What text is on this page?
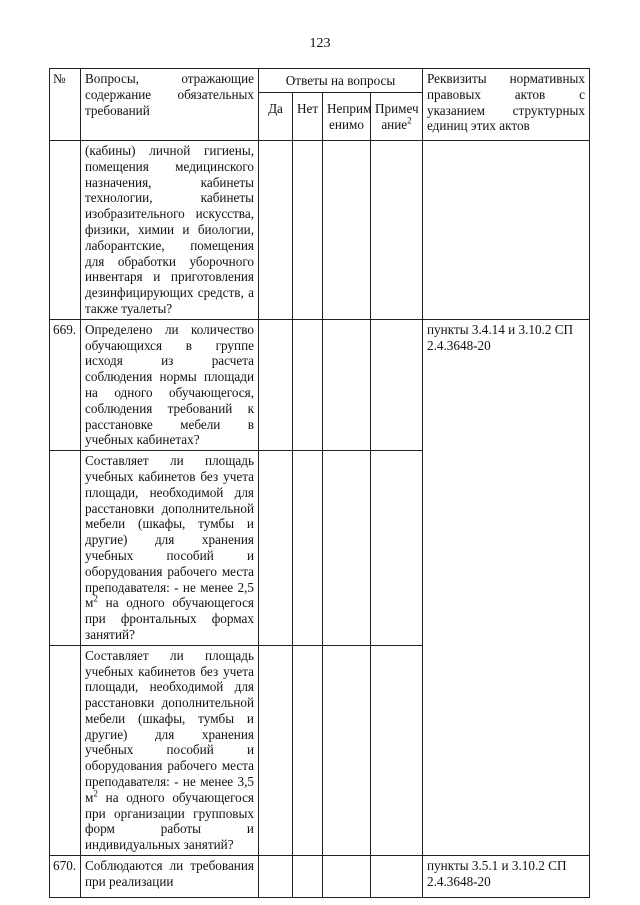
123
№	Вопросы, отражающие содержание обязательных требований	Ответы на вопросы				Реквизиты нормативных правовых актов с указанием структурных единиц этих актов
		Да	Нет	Неприм енимо	Примеч ание$^2$
	(кабины) личной гигиены, помещения медицинского назначения, кабинеты технологии, кабинеты изобразительного искусства, физики, химии и биологии, лаборантские, помещения для обработки уборочного инвентаря и приготовления дезинфицирующих средств, а также туалеты?					
669.	Определено ли количество обучающихся в группе исходя из расчета соблюдения нормы площади на одного обучающегося, соблюдения требований к расстановке мебели в учебных кабинетах?					пункты 3.4.14 и 3.10.2 СП 2.4.3648-20
	Составляет ли площадь учебных кабинетов без учета площади, необходимой для расстановки дополнительной мебели (шкафы, тумбы и другие) для хранения учебных пособий и оборудования рабочего места преподавателя: - не менее 2,5 $м^2$ на одного обучающегося при фронтальных формах занятий?					
	Составляет ли площадь учебных кабинетов без учета площади, необходимой для расстановки дополнительной мебели (шкафы, тумбы и другие) для хранения учебных пособий и оборудования рабочего места преподавателя: - не менее 3,5 $м^2$ на одного обучающегося при организации групповых форм работы и индивидуальных занятий?					
670.	Соблюдаются ли требования при реализации					пункты 3.5.1 и 3.10.2 СП 2.4.3648-20
